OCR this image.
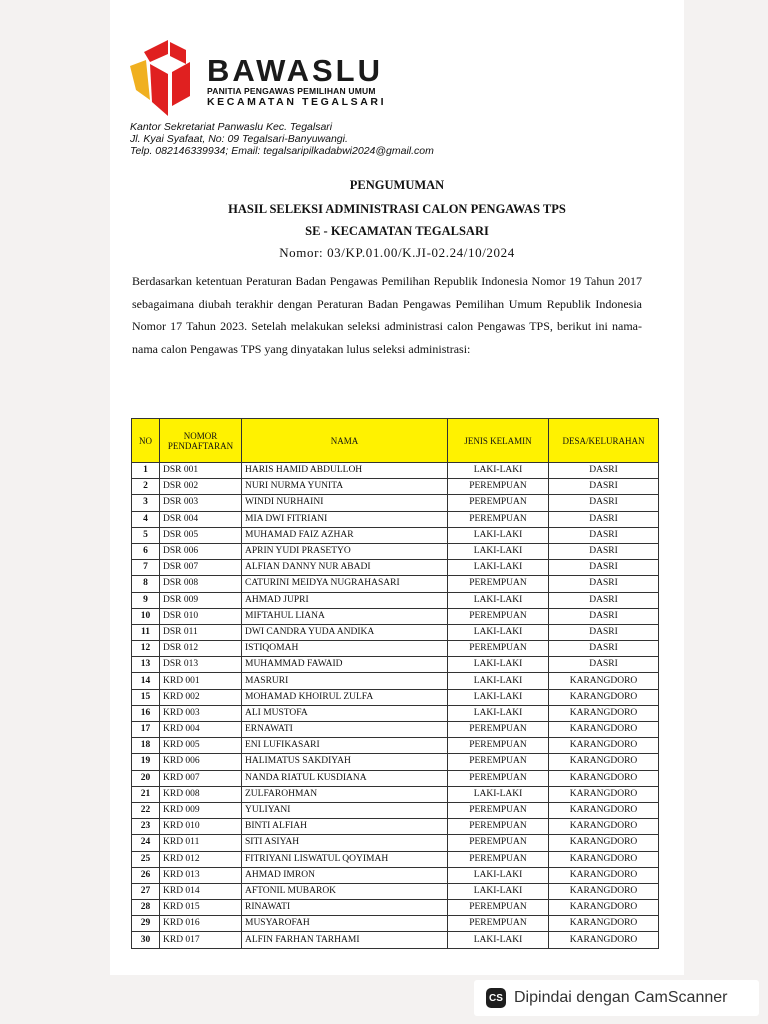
BAWASLU
PANITIA PENGAWAS PEMILIHAN UMUM
KECAMATAN TEGALSARI
Kantor Sekretariat Panwaslu Kec. Tegalsari
Jl. Kyai Syafaat, No: 09 Tegalsari-Banyuwangi.
Telp. 082146339934; Email: tegalsaripilkadabwi2024@gmail.com
PENGUMUMAN
HASIL SELEKSI ADMINISTRASI CALON PENGAWAS TPS
SE - KECAMATAN TEGALSARI
Nomor: 03/KP.01.00/K.JI-02.24/10/2024
Berdasarkan ketentuan Peraturan Badan Pengawas Pemilihan Republik Indonesia Nomor 19 Tahun 2017 sebagaimana diubah terakhir dengan Peraturan Badan Pengawas Pemilihan Umum Republik Indonesia Nomor 17 Tahun 2023. Setelah melakukan seleksi administrasi calon Pengawas TPS, berikut ini nama-nama calon Pengawas TPS yang dinyatakan lulus seleksi administrasi:
NO	NOMOR PENDAFTARAN	NAMA	JENIS KELAMIN	DESA/KELURAHAN
1	DSR 001	HARIS HAMID ABDULLOH	LAKI-LAKI	DASRI
2	DSR 002	NURI NURMA YUNITA	PEREMPUAN	DASRI
3	DSR 003	WINDI NURHAINI	PEREMPUAN	DASRI
4	DSR 004	MIA DWI FITRIANI	PEREMPUAN	DASRI
5	DSR 005	MUHAMAD FAIZ AZHAR	LAKI-LAKI	DASRI
6	DSR 006	APRIN YUDI PRASETYO	LAKI-LAKI	DASRI
7	DSR 007	ALFIAN DANNY NUR ABADI	LAKI-LAKI	DASRI
8	DSR 008	CATURINI MEIDYA NUGRAHASARI	PEREMPUAN	DASRI
9	DSR 009	AHMAD JUPRI	LAKI-LAKI	DASRI
10	DSR 010	MIFTAHUL LIANA	PEREMPUAN	DASRI
11	DSR 011	DWI CANDRA YUDA ANDIKA	LAKI-LAKI	DASRI
12	DSR 012	ISTIQOMAH	PEREMPUAN	DASRI
13	DSR 013	MUHAMMAD FAWAID	LAKI-LAKI	DASRI
14	KRD 001	MASRURI	LAKI-LAKI	KARANGDORO
15	KRD 002	MOHAMAD KHOIRUL ZULFA	LAKI-LAKI	KARANGDORO
16	KRD 003	ALI MUSTOFA	LAKI-LAKI	KARANGDORO
17	KRD 004	ERNAWATI	PEREMPUAN	KARANGDORO
18	KRD 005	ENI LUFIKASARI	PEREMPUAN	KARANGDORO
19	KRD 006	HALIMATUS SAKDIYAH	PEREMPUAN	KARANGDORO
20	KRD 007	NANDA RIATUL KUSDIANA	PEREMPUAN	KARANGDORO
21	KRD 008	ZULFAROHMAN	LAKI-LAKI	KARANGDORO
22	KRD 009	YULIYANI	PEREMPUAN	KARANGDORO
23	KRD 010	BINTI ALFIAH	PEREMPUAN	KARANGDORO
24	KRD 011	SITI ASIYAH	PEREMPUAN	KARANGDORO
25	KRD 012	FITRIYANI LISWATUL QOYIMAH	PEREMPUAN	KARANGDORO
26	KRD 013	AHMAD IMRON	LAKI-LAKI	KARANGDORO
27	KRD 014	AFTONIL MUBAROK	LAKI-LAKI	KARANGDORO
28	KRD 015	RINAWATI	PEREMPUAN	KARANGDORO
29	KRD 016	MUSYAROFAH	PEREMPUAN	KARANGDORO
30	KRD 017	ALFIN FARHAN TARHAMI	LAKI-LAKI	KARANGDORO
CS Dipindai dengan CamScanner
